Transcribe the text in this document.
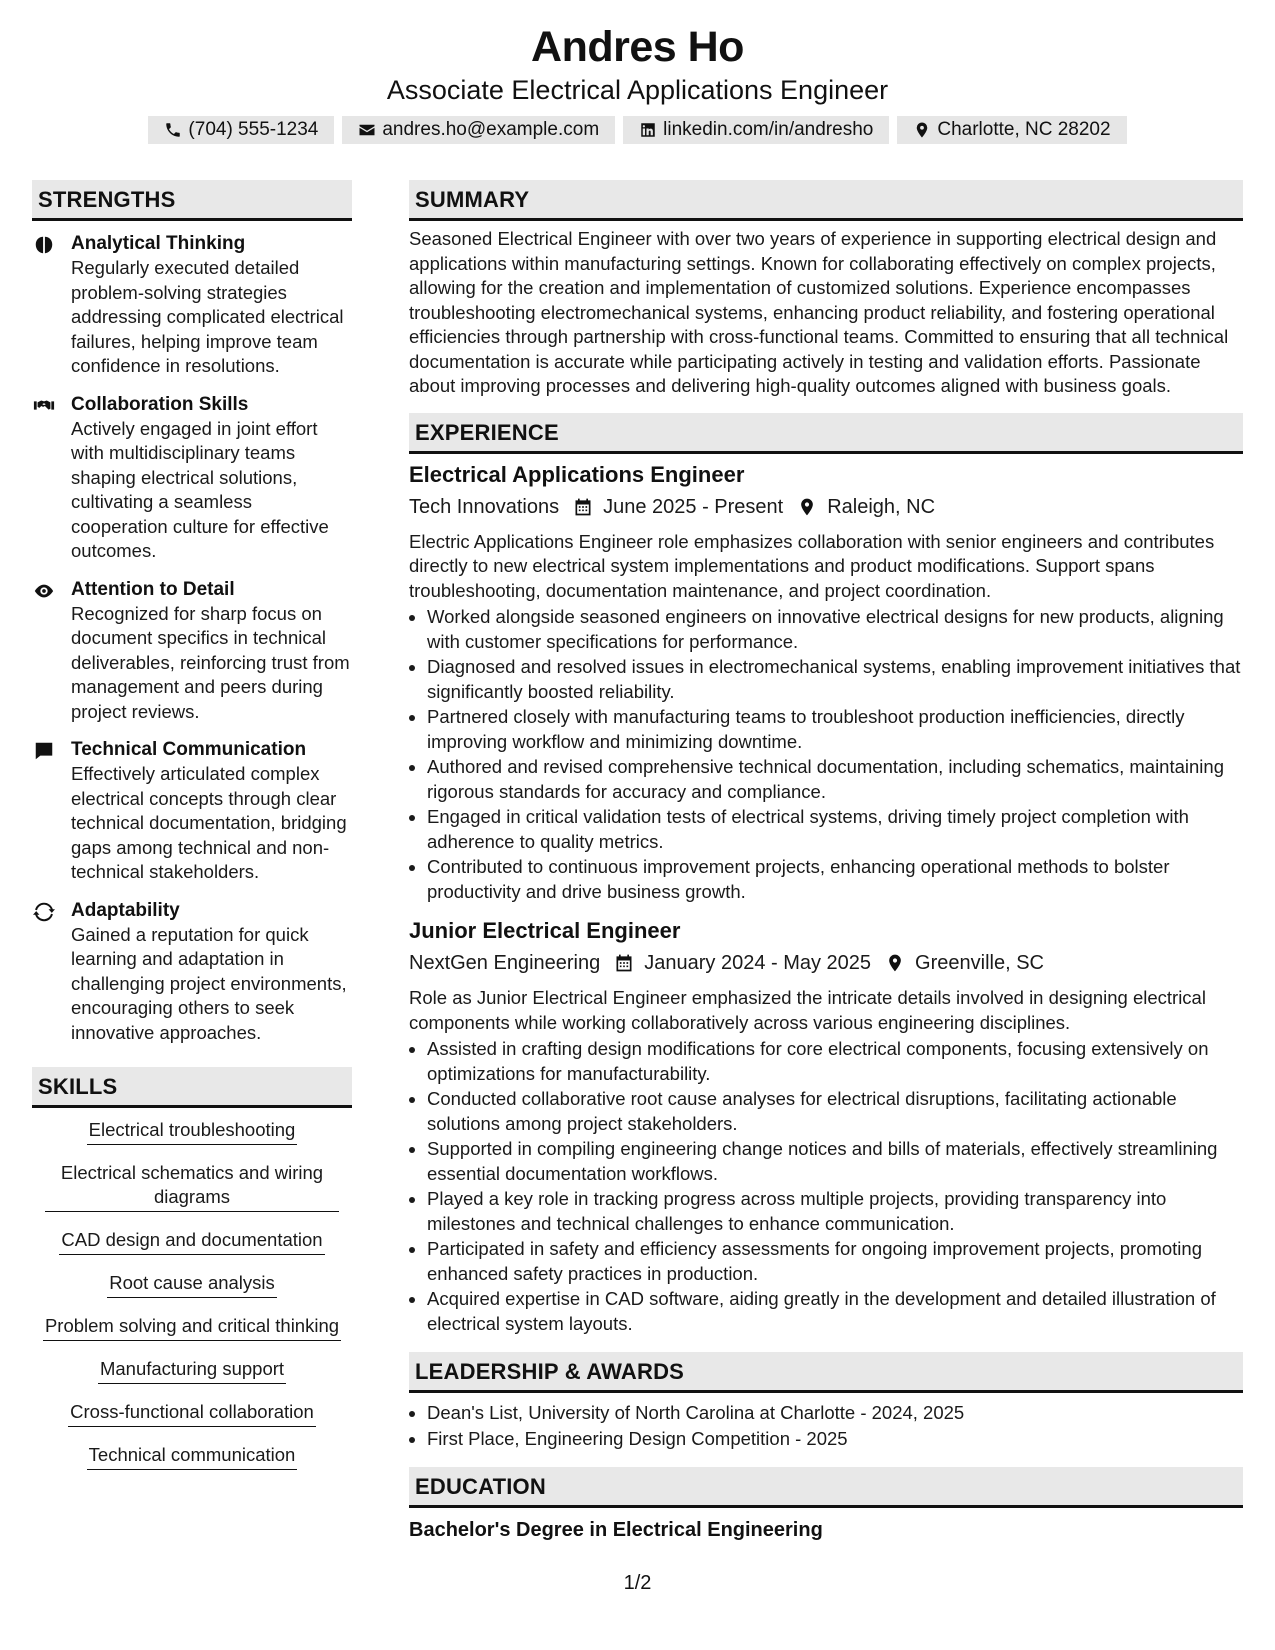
Andres Ho
Associate Electrical Applications Engineer
(704) 555-1234	andres.ho@example.com	linkedin.com/in/andresho	Charlotte, NC 28202
STRENGTHS
Analytical Thinking
Regularly executed detailed problem-solving strategies addressing complicated electrical failures, helping improve team confidence in resolutions.
Collaboration Skills
Actively engaged in joint effort with multidisciplinary teams shaping electrical solutions, cultivating a seamless cooperation culture for effective outcomes.
Attention to Detail
Recognized for sharp focus on document specifics in technical deliverables, reinforcing trust from management and peers during project reviews.
Technical Communication
Effectively articulated complex electrical concepts through clear technical documentation, bridging gaps among technical and non-technical stakeholders.
Adaptability
Gained a reputation for quick learning and adaptation in challenging project environments, encouraging others to seek innovative approaches.
SKILLS
Electrical troubleshooting
Electrical schematics and wiring diagrams
CAD design and documentation
Root cause analysis
Problem solving and critical thinking
Manufacturing support
Cross-functional collaboration
Technical communication
SUMMARY
Seasoned Electrical Engineer with over two years of experience in supporting electrical design and applications within manufacturing settings. Known for collaborating effectively on complex projects, allowing for the creation and implementation of customized solutions. Experience encompasses troubleshooting electromechanical systems, enhancing product reliability, and fostering operational efficiencies through partnership with cross-functional teams. Committed to ensuring that all technical documentation is accurate while participating actively in testing and validation efforts. Passionate about improving processes and delivering high-quality outcomes aligned with business goals.
EXPERIENCE
Electrical Applications Engineer
Tech Innovations June 2025 - Present Raleigh, NC
Electric Applications Engineer role emphasizes collaboration with senior engineers and contributes directly to new electrical system implementations and product modifications. Support spans troubleshooting, documentation maintenance, and project coordination.
• Worked alongside seasoned engineers on innovative electrical designs for new products, aligning with customer specifications for performance.
• Diagnosed and resolved issues in electromechanical systems, enabling improvement initiatives that significantly boosted reliability.
• Partnered closely with manufacturing teams to troubleshoot production inefficiencies, directly improving workflow and minimizing downtime.
• Authored and revised comprehensive technical documentation, including schematics, maintaining rigorous standards for accuracy and compliance.
• Engaged in critical validation tests of electrical systems, driving timely project completion with adherence to quality metrics.
• Contributed to continuous improvement projects, enhancing operational methods to bolster productivity and drive business growth.
Junior Electrical Engineer
NextGen Engineering January 2024 - May 2025 Greenville, SC
Role as Junior Electrical Engineer emphasized the intricate details involved in designing electrical components while working collaboratively across various engineering disciplines.
• Assisted in crafting design modifications for core electrical components, focusing extensively on optimizations for manufacturability.
• Conducted collaborative root cause analyses for electrical disruptions, facilitating actionable solutions among project stakeholders.
• Supported in compiling engineering change notices and bills of materials, effectively streamlining essential documentation workflows.
• Played a key role in tracking progress across multiple projects, providing transparency into milestones and technical challenges to enhance communication.
• Participated in safety and efficiency assessments for ongoing improvement projects, promoting enhanced safety practices in production.
• Acquired expertise in CAD software, aiding greatly in the development and detailed illustration of electrical system layouts.
LEADERSHIP & AWARDS
• Dean's List, University of North Carolina at Charlotte - 2024, 2025
• First Place, Engineering Design Competition - 2025
EDUCATION
Bachelor's Degree in Electrical Engineering
1/2
